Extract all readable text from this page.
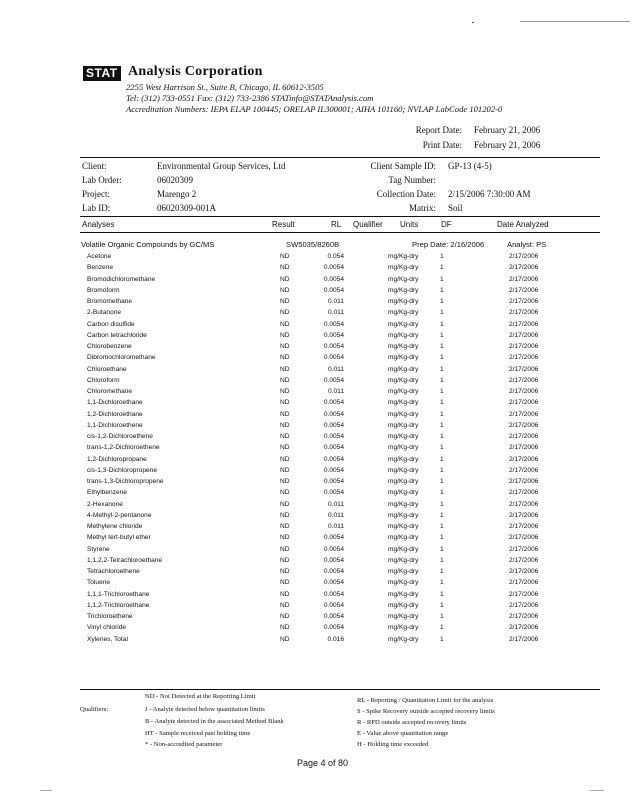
STAT Analysis Corporation
2255 West Harrison St., Suite B, Chicago, IL 60612-3505
Tel: (312) 733-0551 Fax: (312) 733-2386 STATinfo@STATAnalysis.com
Accreditation Numbers: IEPA ELAP 100445; ORELAP IL300001; AIHA 101160; NVLAP LabCode 101202-0
Report Date: February 21, 2006
Print Date: February 21, 2006
Client:	Environmental Group Services, Ltd
Lab Order:	06020309
Project:	Marengo 2
Lab ID:	06020309-001A
Client Sample ID: GP-13 (4-5)
Tag Number:
Collection Date: 2/15/2006 7:30:00 AM
Matrix: Soil
Analyses	Result	RL Qualifier Units	DF	Date Analyzed
Volatile Organic Compounds by GC/MS	SW5035/8260B	Prep Date: 2/16/2006	Analyst: PS
Acetone	ND	0.054	mg/Kg-dry	1	2/17/2006
Benzene	ND	0.0054	mg/Kg-dry	1	2/17/2006
Bromodichloromethane	ND	0.0054	mg/Kg-dry	1	2/17/2006
Bromoform	ND	0.0054	mg/Kg-dry	1	2/17/2006
Bromomethane	ND	0.011	mg/Kg-dry	1	2/17/2006
2-Butanone	ND	0.011	mg/Kg-dry	1	2/17/2006
Carbon disulfide	ND	0.0054	mg/Kg-dry	1	2/17/2006
Carbon tetrachloride	ND	0.0054	mg/Kg-dry	1	2/17/2006
Chlorobenzene	ND	0.0054	mg/Kg-dry	1	2/17/2006
Dibromochloromethane	ND	0.0054	mg/Kg-dry	1	2/17/2006
Chloroethane	ND	0.011	mg/Kg-dry	1	2/17/2006
Chloroform	ND	0.0054	mg/Kg-dry	1	2/17/2006
Chloromethane	ND	0.011	mg/Kg-dry	1	2/17/2006
1,1-Dichloroethane	ND	0.0054	mg/Kg-dry	1	2/17/2006
1,2-Dichloroethane	ND	0.0054	mg/Kg-dry	1	2/17/2006
1,1-Dichloroethene	ND	0.0054	mg/Kg-dry	1	2/17/2006
cis-1,2-Dichloroethene	ND	0.0054	mg/Kg-dry	1	2/17/2006
trans-1,2-Dichloroethene	ND	0.0054	mg/Kg-dry	1	2/17/2006
1,2-Dichloropropane	ND	0.0054	mg/Kg-dry	1	2/17/2006
cis-1,3-Dichloropropene	ND	0.0054	mg/Kg-dry	1	2/17/2006
trans-1,3-Dichloropropene	ND	0.0054	mg/Kg-dry	1	2/17/2006
Ethylbenzene	ND	0.0054	mg/Kg-dry	1	2/17/2006
2-Hexanone	ND	0.011	mg/Kg-dry	1	2/17/2006
4-Methyl-2-pentanone	ND	0.011	mg/Kg-dry	1	2/17/2006
Methylene chloride	ND	0.011	mg/Kg-dry	1	2/17/2006
Methyl tert-butyl ether	ND	0.0054	mg/Kg-dry	1	2/17/2006
Styrene	ND	0.0054	mg/Kg-dry	1	2/17/2006
1,1,2,2-Tetrachloroethane	ND	0.0054	mg/Kg-dry	1	2/17/2006
Tetrachloroethene	ND	0.0054	mg/Kg-dry	1	2/17/2006
Toluene	ND	0.0054	mg/Kg-dry	1	2/17/2006
1,1,1-Trichloroethane	ND	0.0054	mg/Kg-dry	1	2/17/2006
1,1,2-Trichloroethane	ND	0.0054	mg/Kg-dry	1	2/17/2006
Trichloroethene	ND	0.0054	mg/Kg-dry	1	2/17/2006
Vinyl chloride	ND	0.0054	mg/Kg-dry	1	2/17/2006
Xylenes, Total	ND	0.016	mg/Kg-dry	1	2/17/2006
ND - Not Detected at the Reporting Limit
Qualifiers:	J - Analyte detected below quantitation limits
B - Analyte detected in the associated Method Blank
HT - Sample received past holding time
* - Non-accredited parameter
RL - Reporting / Quantitation Limit for the analysis
S - Spike Recovery outside accepted recovery limits
R - RPD outside accepted recovery limits
E - Value above quantitation range
H - Holding time exceeded
Page 4 of 80
